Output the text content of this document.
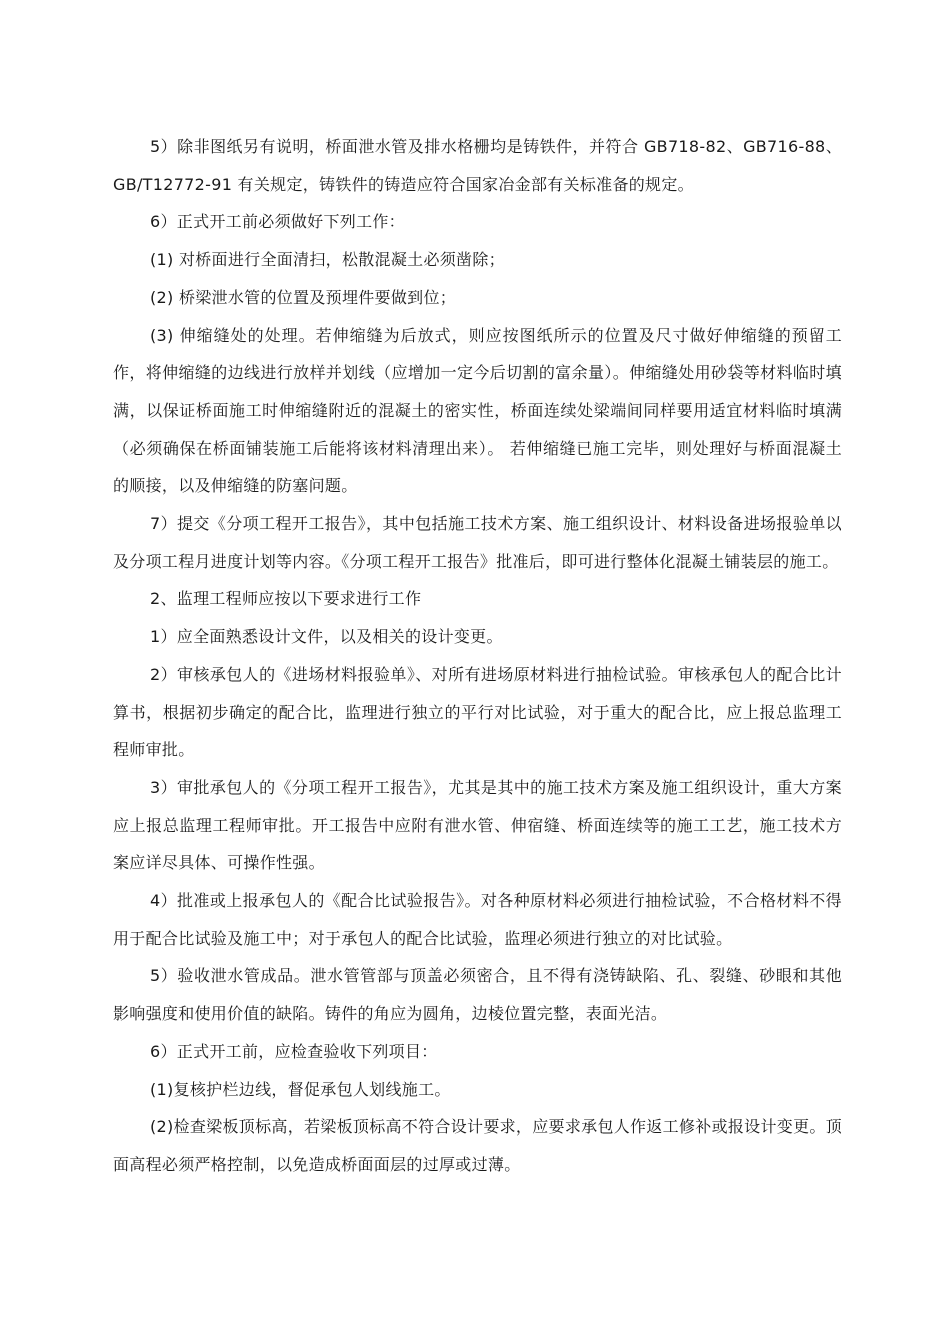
5）除非图纸另有说明，桥面泄水管及排水格栅均是铸铁件，并符合 GB718-82、GB716-88、GB/T12772-91 有关规定，铸铁件的铸造应符合国家冶金部有关标准备的规定。

6）正式开工前必须做好下列工作：

(1) 对桥面进行全面清扫，松散混凝土必须凿除；

(2) 桥梁泄水管的位置及预埋件要做到位；

(3) 伸缩缝处的处理。若伸缩缝为后放式，则应按图纸所示的位置及尺寸做好伸缩缝的预留工作，将伸缩缝的边线进行放样并划线（应增加一定今后切割的富余量）。伸缩缝处用砂袋等材料临时填满，以保证桥面施工时伸缩缝附近的混凝土的密实性，桥面连续处梁端间同样要用适宜材料临时填满（必须确保在桥面铺装施工后能将该材料清理出来）。 若伸缩缝已施工完毕，则处理好与桥面混凝土的顺接，以及伸缩缝的防塞问题。

7）提交《分项工程开工报告》，其中包括施工技术方案、施工组织设计、材料设备进场报验单以及分项工程月进度计划等内容。《分项工程开工报告》批准后，即可进行整体化混凝土铺装层的施工。

2、监理工程师应按以下要求进行工作

1）应全面熟悉设计文件，以及相关的设计变更。

2）审核承包人的《进场材料报验单》、对所有进场原材料进行抽检试验。审核承包人的配合比计算书，根据初步确定的配合比，监理进行独立的平行对比试验，对于重大的配合比，应上报总监理工程师审批。

3）审批承包人的《分项工程开工报告》，尤其是其中的施工技术方案及施工组织设计，重大方案应上报总监理工程师审批。开工报告中应附有泄水管、伸宿缝、桥面连续等的施工工艺，施工技术方案应详尽具体、可操作性强。

4）批准或上报承包人的《配合比试验报告》。对各种原材料必须进行抽检试验，不合格材料不得用于配合比试验及施工中；对于承包人的配合比试验，监理必须进行独立的对比试验。

5）验收泄水管成品。泄水管管部与顶盖必须密合，且不得有浇铸缺陷、孔、裂缝、砂眼和其他影响强度和使用价值的缺陷。铸件的角应为圆角，边棱位置完整，表面光洁。

6）正式开工前，应检查验收下列项目：

(1)复核护栏边线，督促承包人划线施工。

(2)检查梁板顶标高，若梁板顶标高不符合设计要求，应要求承包人作返工修补或报设计变更。顶面高程必须严格控制，以免造成桥面面层的过厚或过薄。
